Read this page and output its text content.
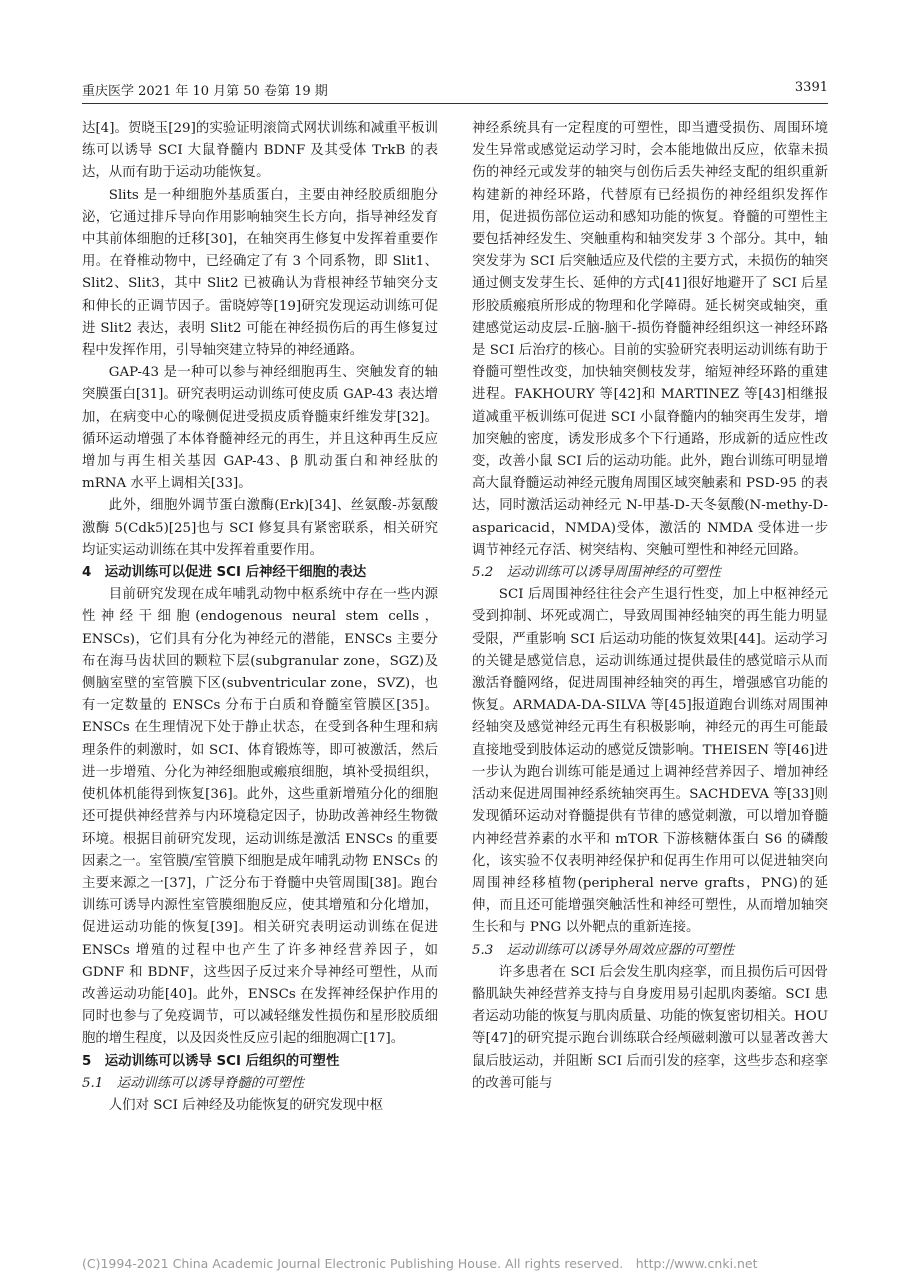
重庆医学 2021 年 10 月第 50 卷第 19 期	3391

达[4]。贺晓玉[29]的实验证明滚筒式网状训练和减重平板训练可以诱导 SCI 大鼠脊髓内 BDNF 及其受体 TrkB 的表达，从而有助于运动功能恢复。

Slits 是一种细胞外基质蛋白，主要由神经胶质细胞分泌，它通过排斥导向作用影响轴突生长方向，指导神经发育中其前体细胞的迁移[30]，在轴突再生修复中发挥着重要作用。在脊椎动物中，已经确定了有 3 个同系物，即 Slit1、Slit2、Slit3，其中 Slit2 已被确认为背根神经节轴突分支和伸长的正调节因子。雷晓婷等[19]研究发现运动训练可促进 Slit2 表达，表明 Slit2 可能在神经损伤后的再生修复过程中发挥作用，引导轴突建立特异的神经通路。

GAP-43 是一种可以参与神经细胞再生、突触发育的轴突膜蛋白[31]。研究表明运动训练可使皮质 GAP-43 表达增加，在病变中心的喙侧促进受损皮质脊髓束纤维发芽[32]。循环运动增强了本体脊髓神经元的再生，并且这种再生反应增加与再生相关基因 GAP-43、β 肌动蛋白和神经肽的 mRNA 水平上调相关[33]。

此外，细胞外调节蛋白激酶(Erk)[34]、丝氨酸-苏氨酸激酶 5(Cdk5)[25]也与 SCI 修复具有紧密联系，相关研究均证实运动训练在其中发挥着重要作用。

4　运动训练可以促进 SCI 后神经干细胞的表达

目前研究发现在成年哺乳动物中枢系统中存在一些内源性神经干细胞(endogenous neural stem cells，ENSCs)，它们具有分化为神经元的潜能，ENSCs 主要分布在海马齿状回的颗粒下层(subgranular zone，SGZ)及侧脑室壁的室管膜下区(subventricular zone，SVZ)，也有一定数量的 ENSCs 分布于白质和脊髓室管膜区[35]。ENSCs 在生理情况下处于静止状态，在受到各种生理和病理条件的刺激时，如 SCI、体育锻炼等，即可被激活，然后进一步增殖、分化为神经细胞或瘢痕细胞，填补受损组织，使机体机能得到恢复[36]。此外，这些重新增殖分化的细胞还可提供神经营养与内环境稳定因子，协助改善神经生物微环境。根据目前研究发现，运动训练是激活 ENSCs 的重要因素之一。室管膜/室管膜下细胞是成年哺乳动物 ENSCs 的主要来源之一[37]，广泛分布于脊髓中央管周围[38]。跑台训练可诱导内源性室管膜细胞反应，使其增殖和分化增加，促进运动功能的恢复[39]。相关研究表明运动训练在促进 ENSCs 增殖的过程中也产生了许多神经营养因子，如 GDNF 和 BDNF，这些因子反过来介导神经可塑性，从而改善运动功能[40]。此外，ENSCs 在发挥神经保护作用的同时也参与了免疫调节，可以减轻继发性损伤和星形胶质细胞的增生程度，以及因炎性反应引起的细胞凋亡[17]。

5　运动训练可以诱导 SCI 后组织的可塑性
5.1　运动训练可以诱导脊髓的可塑性

人们对 SCI 后神经及功能恢复的研究发现中枢

神经系统具有一定程度的可塑性，即当遭受损伤、周围环境发生异常或感觉运动学习时，会本能地做出反应，依靠未损伤的神经元或发芽的轴突与创伤后丢失神经支配的组织重新构建新的神经环路，代替原有已经损伤的神经组织发挥作用，促进损伤部位运动和感知功能的恢复。脊髓的可塑性主要包括神经发生、突触重构和轴突发芽 3 个部分。其中，轴突发芽为 SCI 后突触适应及代偿的主要方式，未损伤的轴突通过侧支发芽生长、延伸的方式[41]很好地避开了 SCI 后星形胶质瘢痕所形成的物理和化学障碍。延长树突或轴突，重建感觉运动皮层-丘脑-脑干-损伤脊髓神经组织这一神经环路是 SCI 后治疗的核心。目前的实验研究表明运动训练有助于脊髓可塑性改变，加快轴突侧枝发芽，缩短神经环路的重建进程。FAKHOURY 等[42]和 MARTINEZ 等[43]相继报道减重平板训练可促进 SCI 小鼠脊髓内的轴突再生发芽，增加突触的密度，诱发形成多个下行通路，形成新的适应性改变，改善小鼠 SCI 后的运动功能。此外，跑台训练可明显增高大鼠脊髓运动神经元腹角周围区域突触素和 PSD-95 的表达，同时激活运动神经元 N-甲基-D-天冬氨酸(N-methy-D-asparicacid，NMDA)受体，激活的 NMDA 受体进一步调节神经元存活、树突结构、突触可塑性和神经元回路。

5.2　运动训练可以诱导周围神经的可塑性

SCI 后周围神经往往会产生退行性变，加上中枢神经元受到抑制、坏死或凋亡，导致周围神经轴突的再生能力明显受限，严重影响 SCI 后运动功能的恢复效果[44]。运动学习的关键是感觉信息，运动训练通过提供最佳的感觉暗示从而激活脊髓网络，促进周围神经轴突的再生，增强感官功能的恢复。ARMADA-DA-SILVA 等[45]报道跑台训练对周围神经轴突及感觉神经元再生有积极影响，神经元的再生可能最直接地受到肢体运动的感觉反馈影响。THEISEN 等[46]进一步认为跑台训练可能是通过上调神经营养因子、增加神经活动来促进周围神经系统轴突再生。SACHDEVA 等[33]则发现循环运动对脊髓提供有节律的感觉刺激，可以增加脊髓内神经营养素的水平和 mTOR 下游核糖体蛋白 S6 的磷酸化，该实验不仅表明神经保护和促再生作用可以促进轴突向周围神经移植物(peripheral nerve grafts，PNG)的延伸，而且还可能增强突触活性和神经可塑性，从而增加轴突生长和与 PNG 以外靶点的重新连接。

5.3　运动训练可以诱导外周效应器的可塑性

许多患者在 SCI 后会发生肌肉痉挛，而且损伤后可因骨骼肌缺失神经营养支持与自身废用易引起肌肉萎缩。SCI 患者运动功能的恢复与肌肉质量、功能的恢复密切相关。HOU 等[47]的研究提示跑台训练联合经颅磁刺激可以显著改善大鼠后肢运动，并阻断 SCI 后而引发的痉挛，这些步态和痉挛的改善可能与

(C)1994-2021 China Academic Journal Electronic Publishing House. All rights reserved.　http://www.cnki.net
